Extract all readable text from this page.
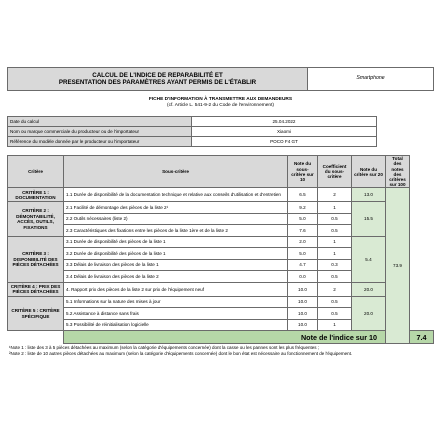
CALCUL DE L'INDICE DE REPARABILITÉ ET
PRESENTATION DES PARAMÈTRES AYANT PERMIS DE L'ÉTABLIR
	Smartphone
FICHE D'INFORMATION À TRANSMETTRE AUX DEMANDEURS
(cf. Article L. 541-9-2 du Code de l'environnement)
Date du calcul	25.04.2022	
Nom ou marque commerciale du producteur ou de l'importateur	Xiaomi	
Référence du modèle donnée par le producteur ou l'importateur	POCO F4 GT	
Critère	Sous-critère	Note du sous-critère sur 10	Coefficient du sous-critère	Note du critère sur 20	Total des notes des critères sur 100	
CRITÈRE 1 : DOCUMENTATION	1.1 Durée de disponibilité de la documentation technique et relative aux conseils d'utilisation et d'entretien	6.5	2	13.0	73.9	
CRITÈRE 2 : DÉMONTABILITÉ, ACCÈS, OUTILS, FIXATIONS	2.1 Facilité de démontage des pièces de la liste 2¹	9.2	1	15.5		
	2.2 Outils nécessaires (liste 2)	5.0	0.5			
	2.3 Caractéristiques des fixations entre les pièces de la liste 1ère et de la liste 2	7.6	0.5			
CRITÈRE 3 : DISPONIBILITÉ DES PIÈCES DÉTACHÉES	3.1 Durée de disponibilité des pièces de la liste 1	2.0	1	5.4		
	3.2 Durée de disponibilité des pièces de la liste 1	5.0	1			
	3.3 Délais de livraison des pièces de la liste 1	4.7	0.3			
	3.4 Délais de livraison des pièces de la liste 2	0.0	0.5			
CRITÈRE 4 : PRIX DES PIÈCES DÉTACHÉES	4. Rapport prix des pièces de la liste 2 sur prix de l'équipement neuf	10.0	2	20.0		
CRITÈRE 5 : CRITÈRE SPÉCIFIQUE	5.1 Informations sur la nature des mises à jour	10.0	0.5	20.0		
	5.2 Assistance à distance sans frais	10.0	0.5			
	5.3 Possibilité de réinitialisation logicielle	10.0	1			
	Note de l'indice sur 10					7.4
¹Note 1 : liste des 3 à 5 pièces détachées au maximum (selon la catégorie d'équipements concernée) dont la casse ou les pannes sont les plus fréquentes ;
²Note 2 : liste de 10 autres pièces détachées au maximum (selon la catégorie d'équipements concernée) dont le bon état est nécessaire au fonctionnement de l'équipement.
